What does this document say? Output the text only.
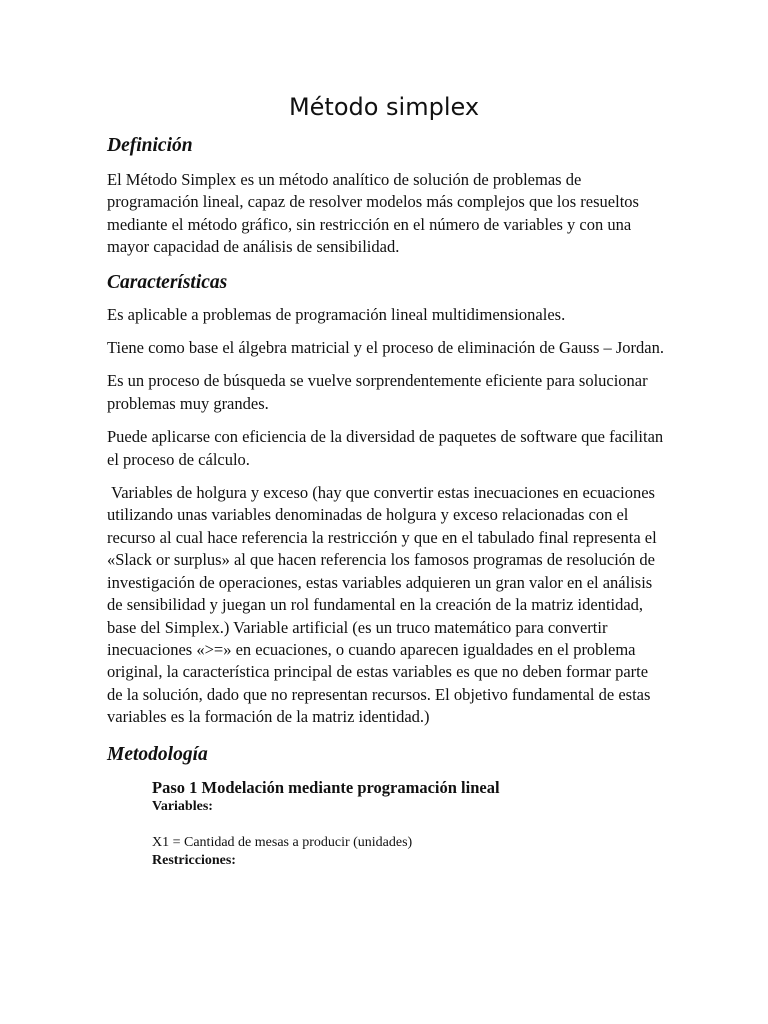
Método simplex
Definición

El Método Simplex es un método analítico de solución de problemas de programación lineal, capaz de resolver modelos más complejos que los resueltos mediante el método gráfico, sin restricción en el número de variables y con una mayor capacidad de análisis de sensibilidad.

Características

Es aplicable a problemas de programación lineal multidimensionales.

Tiene como base el álgebra matricial y el proceso de eliminación de Gauss – Jordan.

Es un proceso de búsqueda se vuelve sorprendentemente eficiente para solucionar problemas muy grandes.

Puede aplicarse con eficiencia de la diversidad de paquetes de software que facilitan el proceso de cálculo.

Variables de holgura y exceso (hay que convertir estas inecuaciones en ecuaciones utilizando unas variables denominadas de holgura y exceso relacionadas con el recurso al cual hace referencia la restricción y que en el tabulado final representa el «Slack or surplus» al que hacen referencia los famosos programas de resolución de investigación de operaciones, estas variables adquieren un gran valor en el análisis de sensibilidad y juegan un rol fundamental en la creación de la matriz identidad, base del Simplex.) Variable artificial (es un truco matemático para convertir inecuaciones «>=» en ecuaciones, o cuando aparecen igualdades en el problema original, la característica principal de estas variables es que no deben formar parte de la solución, dado que no representan recursos. El objetivo fundamental de estas variables es la formación de la matriz identidad.)

Metodología

Paso 1 Modelación mediante programación lineal

Variables:

X1 = Cantidad de mesas a producir (unidades)

Restricciones:
